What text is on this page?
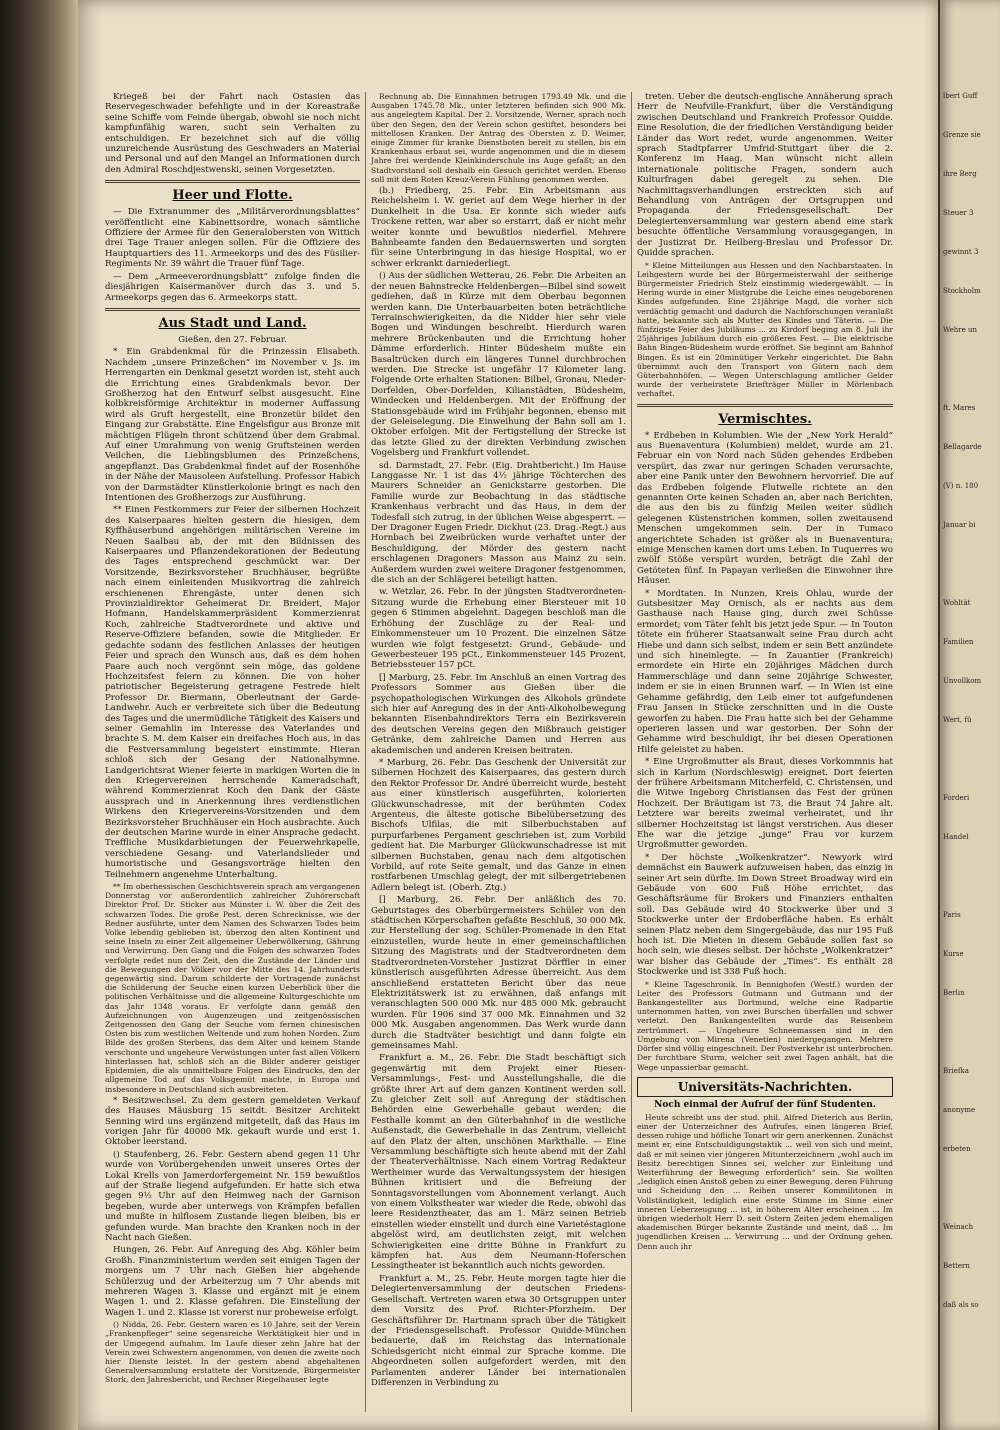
Kriegeß bei der Fahrt nach Ostasien das Reservegeschwader befehligte und in der Koreastraße seine Schiffe vom Feinde übergab, obwohl sie noch nicht kampfunfähig waren, sucht sein Verhalten zu entschuldigen. Er bezeichnet sich auf die völlig unzureichende Ausrüstung des Geschwaders an Material und Personal und auf den Mangel an Informationen durch den Admiral Roschdjestwenski, seinen Vorgesetzten.

Heer und Flotte.

— Die Extranummer des „Militärverordnungsblattes“ veröffentlicht eine Kabinettsordre, wonach sämtliche Offiziere der Armee für den Generalobersten von Wittich drei Tage Trauer anlegen sollen. Für die Offiziere des Hauptquartiers des 11. Armeekorps und des des Füsilier-Regiments Nr. 39 währt die Trauer fünf Tage.

— Dem „Armeeverordnungsblatt“ zufolge finden die diesjährigen Kaisermanöver durch das 3. und 5. Armeekorps gegen das 6. Armeekorps statt.

Aus Stadt und Land.

Gießen, den 27. Februar.

* Ein Grabdenkmal für die Prinzessin Elisabeth. Nachdem „unsere Prinzeßchen“ im November v. Js. im Herrengarten ein Denkmal gesetzt worden ist, steht auch die Errichtung eines Grabdenkmals bevor. Der Großherzog hat den Entwurf selbst ausgesucht. Eine kolbkreisförmige Architektur in moderner Auffassung wird als Gruft hergestellt, eine Bronzetür bildet den Eingang zur Grabstätte. Eine Engelsfigur aus Bronze mit mächtigen Flügeln thront schützend über dem Grabmal. Auf einer Umrahmung von wenig Gruftsteinen werden Veilchen, die Lieblingsblumen des Prinzeßchens, angepflanzt. Das Grabdenkmal findet auf der Rosenhöhe in der Nähe der Mausoleen Aufstellung. Professor Habich von der Darmstädter Künstlerkolonie bringt es nach den Intentionen des Großherzogs zur Ausführung.

** Einen Festkommers zur Feier der silbernen Hochzeit des Kaiserpaares hielten gestern die hiesigen, dem Kyffhäuserbund angehörigen militärischen Vereine im Neuen Saalbau ab, der mit den Bildnissen des Kaiserpaares und Pflanzendekorationen der Bedeutung des Tages entsprechend geschmückt war. Der Vorsitzende, Bezirksvorsteher Bruchhäuser, begrüßte nach einem einleitenden Musikvortrag die zahlreich erschienenen Ehrengäste, unter denen sich Provinzialdirektor Geheimerat Dr. Breidert, Major Hofmann, Handelskammerpräsident Kommerzienrat Koch, zahlreiche Stadtverordnete und aktive und Reserve-Offiziere befanden, sowie die Mitglieder. Er gedachte sodann des festlichen Anlasses der heutigen Feier und sprach den Wunsch aus, daß es dem hohen Paare auch noch vergönnt sein möge, das goldene Hochzeitsfest feiern zu können. Die von hoher patriotischer Begeisterung getragene Festrede hielt Professor Dr. Biermann, Oberleutnant der Garde-Landwehr. Auch er verbreitete sich über die Bedeutung des Tages und die unermüdliche Tätigkeit des Kaisers und seiner Gemahlin im Interesse des Vaterlandes und brachte S. M. dem Kaiser ein dreifaches Hoch aus, in das die Festversammlung begeistert einstimmte. Hieran schloß sich der Gesang der Nationalhymne. Landgerichtsrat Wiener feierte in markigen Worten die in den Kriegervereinen herrschende Kameradschaft, während Kommerzienrat Koch den Dank der Gäste aussprach und in Anerkennung ihres verdienstlichen Wirkens den Kriegervereins-Vorsitzenden und dem Bezirksvorsteher Bruchhäuser ein Hoch ausbrachte. Auch der deutschen Marine wurde in einer Ansprache gedacht. Treffliche Musikdarbietungen der Feuerwehrkapelle, verschiedene Gesang- und Vaterlandslieder und humoristische und Gesangsvorträge hielten den Teilnehmern angenehme Unterhaltung.

** Im oberhessischen Geschichtsverein sprach am vergangenen Donnerstag vor außerordentlich zahlreicher Zuhörerschaft Direktor Prof. Dr. Sticker aus Münster i. W. über die Zeit des schwarzen Todes. Die große Pest, deren Schrecknisse, wie der Redner ausführte, unter dem Namen des Schwarzen Todes beim Volke lebendig geblieben ist, überzog den alten Kontinent und seine Inseln zu einer Zeit allgemeiner Ueberwölkerung, Gährung und Verwirrung. Den Gang und die Folgen des schwarzen Todes verfolgte redet nun der Zeit, den die Zustände der Länder und die Bewegungen der Völker vor der Mitte des 14. Jahrhunderts gegenwärtig sind. Darum schilderte der Vortragende zunächst die Schilderung der Seuche einen kurzen Ueberblick über die politischen Verhältnisse und die allgemeine Kulturgeschichte um das Jahr 1348 voraus. Er verfolgte dann gemäß den Aufzeichnungen von Augenzeugen und zeitgenössischen Zeitgenossen den Gang der Seuche vom fernen chinesischen Osten bis zum westlichen Weltende und zum hohen Norden. Zum Bilde des großen Sterbens, das dem Alter und keinem Stande verschonte und ungeheure Verwüstungen unter fast allen Völkern hinterlassen hat, schloß sich an die Bilder anderer geistiger Epidemien, die als unmittelbare Folgen des Eindrucks, den der allgemeine Tod auf das Volksgemüt machte, in Europa und insbesondere in Deutschland sich ausbreiteten.

* Besitzwechsel. Zu dem gestern gemeldeten Verkauf des Hauses Mäusburg 15 seitdt. Besitzer Architekt Senning wird uns ergänzend mitgeteilt, daß das Haus im vorigen Jahr für 40000 Mk. gekauft wurde und erst 1. Oktober leerstand.

() Staufenberg, 26. Febr. Gestern abend gegen 11 Uhr wurde von Vorübergehenden unweit unseres Ortes der Lokal Krells von Jamerdorfergemeint Nr. 159 bewußtlos auf der Straße liegend aufgefunden. Er hatte sich etwa gegen 9½ Uhr auf den Heimweg nach der Garnison begeben, wurde aber unterwegs von Krämpfen befallen und mußte in hilflosem Zustande liegen bleiben, bis er gefunden wurde. Man brachte den Kranken noch in der Nacht nach Gießen.

Hungen, 26. Febr. Auf Anregung des Abg. Köhler beim Großh. Finanzministerium werden seit einigen Tagen der morgens um 7 Uhr nach Gießen hier abgehende Schülerzug und der Arbeiterzug um 7 Uhr abends mit mehreren Wagen 3. Klasse und ergänzt mit je einem Wagen 1. und 2. Klasse gefahren. Die Einstellung der Wagen 1. und 2. Klasse ist vorerst nur probeweise erfolgt.

() Nidda, 26. Febr. Gestern waren es 10 Jahre, seit der Verein „Frankenpfleger“ seine segensreiche Werktätigkeit hier und in der Umgegend aufnahm. Im Laufe dieser zehn Jahre hat der Verein zwei Schwestern angenommen, von denen die zweite noch hier Dienste leistet. In der gestern abend abgehaltenen Generalversammlung erstattete der Vorsitzende, Bürgermeister Stork, den Jahresbericht, und Rechner Riegelhauser legte

Rechnung ab. Die Einnahmen betrugen 1793.49 Mk. und die Ausgaben 1745.78 Mk., unter letzteren befinden sich 900 Mk. aus angelegtem Kapital. Der 2. Vorsitzende, Werner, sprach noch über den Segen, den der Verein schon gestiftet, besonders bei mittellosen Kranken. Der Antrag des Obersten z. D. Weimer, einige Zimmer für kranke Dienstboten bereit zu stellen, bis ein Krankenhaus erbaut sei, wurde angenommen und die in diesem Jahre frei werdende Kleinkinderschule ins Auge gefaßt; an den Stadtvorstand soll deshalb ein Gesuch gerichtet werden. Ebenso soll mit dem Roten Kreuz-Verein Fühlung genommen werden.

(b.) Friedberg, 25. Febr. Ein Arbeitsmann aus Reichelsheim i. W. geriet auf dem Wege hierher in der Dunkelheit in die Usa. Er konnte sich wieder aufs Trockene retten, war aber so erstarrt, daß er nicht mehr weiter konnte und bewußtlos niederfiel. Mehrere Bahnbeamte fanden den Bedauernswerten und sorgten für seine Unterbringung in das hiesige Hospital, wo er schwer erkrankt darniederliegt.

() Aus der südlichen Wetterau, 26. Febr. Die Arbeiten an der neuen Bahnstrecke Heldenbergen—Bilbel sind soweit gediehen, daß in Kürze mit dem Oberbau begonnen werden kann. Die Unterbauarbeiten boten beträchtliche Terrainschwierigkeiten, da die Nidder hier sehr viele Bogen und Windungen beschreibt. Hierdurch waren mehrere Brückenbauten und die Errichtung hoher Dämme erforderlich. Hinter Büdesheim mußte ein Basaltrücken durch ein längeres Tunnel durchbrochen werden. Die Strecke ist ungefähr 17 Kilometer lang. Folgende Orte erhalten Stationen: Bilbel, Gronau, Nieder-Dorfelden, Ober-Dorfelden, Kilianstädten, Büdesheim, Windecken und Heldenbergen. Mit der Eröffnung der Stationsgebäude wird im Frühjahr begonnen, ebenso mit der Geleiselegung. Die Einweihung der Bahn soll am 1. Oktober erfolgen. Mit der Fertigstellung der Strecke ist das letzte Glied zu der direkten Verbindung zwischen Vogelsberg und Frankfurt vollendet.

sd. Darmstadt, 27. Febr. (Eig. Drahtbericht.) Im Hause Langgasse Nr. 1 ist das 4½ jährige Töchterchen des Maurers Schneider an Genickstarre gestorben. Die Familie wurde zur Beobachtung in das städtische Krankenhaus verbracht und das Haus, in dem der Todesfall sich zutrug, in der üblichen Weise abgesperrt. — Der Dragoner Eugen Friedr. Dickhut (23. Drag.-Regt.) aus Hornbach bei Zweibrücken wurde verhaftet unter der Beschuldigung, der Mörder des gestern nacht erschlagenen Dragoners Masson aus Mainz zu sein. Außerdem wurden zwei weitere Dragoner festgenommen, die sich an der Schlägerei beteiligt hatten.

w. Wetzlar, 26. Febr. In der jüngsten Stadtverordneten-Sitzung wurde die Erhebung einer Biersteuer mit 10 gegen 6 Stimmen abgelehnt. Dagegen beschloß man die Erhöhung der Zuschläge zu der Real- und Einkommensteuer um 10 Prozent. Die einzelnen Sätze wurden wie folgt festgesetzt: Grund-, Gebäude- und Gewerbesteuer 195 pCt., Einkommensteuer 145 Prozent, Betriebssteuer 157 pCt.

[] Marburg, 25. Febr. Im Anschluß an einen Vortrag des Professors Sommer aus Gießen über die psychopathologischen Wirkungen des Alkohols gründete sich hier auf Anregung des in der Anti-Alkoholbewegung bekannten Eisenbahndirektors Terra ein Bezirksverein des deutschen Vereins gegen den Mißbrauch geistiger Getränke, dem zahlreiche Damen und Herren aus akademischen und anderen Kreisen beitraten.

* Marburg, 26. Febr. Das Geschenk der Universität zur Silbernen Hochzeit des Kaiserpaares, das gestern durch den Rektor Professor Dr. André überreicht wurde, besteht aus einer künstlerisch ausgeführten, kolorierten Glückwunschadresse, mit der berühmten Codex Argenteus, die älteste gotische Bibelübersetzung des Bischofs Ulfilas, die mit Silberbuchstaben auf purpurfarbenes Pergament geschrieben ist, zum Vorbild gedient hat. Die Marburger Glückwunschadresse ist mit silbernen Buchstaben, genau nach dem altgotischen Vorbild, auf rote Seite gemalt, und das Ganze in einen rostfarbenen Umschlag gelegt, der mit silbergetriebenen Adlern belegt ist. (Oberh. Ztg.)

[] Marburg, 26. Febr. Der anläßlich des 70. Geburtstages des Oberbürgermeisters Schüler von den städtischen Körperschaften gefaßte Beschluß, 30 000 Mk. zur Herstellung der sog. Schüler-Promenade in den Etat einzustellen, wurde heute in einer gemeinschaftlichen Sitzung des Magistrats und der Stadtverordneten dem Stadtverordneten-Vorsteher Justizrat Dörffler in einer künstlerisch ausgeführten Adresse überreicht. Aus dem anschließend erstatteten Bericht über das neue Elektrizitätswerk ist zu erwähnen, daß anfangs mit veranschlagten 500 000 Mk. nur 485 000 Mk. gebraucht wurden. Für 1906 sind 37 000 Mk. Einnahmen und 32 000 Mk. Ausgaben angenommen. Das Werk wurde dann durch die Stadtväter besichtigt und dann folgte ein gemeinsames Mahl.

Frankfurt a. M., 26. Febr. Die Stadt beschäftigt sich gegenwärtig mit dem Projekt einer Riesen-Versammlungs-, Fest- und Ausstellungshalle, die die größte ihrer Art auf dem ganzen Kontinent werden soll. Zu gleicher Zeit soll auf Anregung der städtischen Behörden eine Gewerbehalle gebaut werden; die Festhalle kommt an den Güterbahnhof in die westliche Außenstadt, die Gewerbehalle in das Zentrum, vielleicht auf den Platz der alten, unschönen Markthalle. — Eine Versammlung beschäftigte sich heute abend mit der Zahl der Theaterverhältnisse. Nach einem Vortrag Redakteur Wertheimer wurde das Verwaltungssystem der hiesigen Bühnen kritisiert und die Befreiung der Sonntagsvorstellungen vom Abonnement verlangt. Auch von einem Volkstheater war wieder die Rede, obwohl das leere Residenztheater, das am 1. März seinen Betrieb einstellen wieder einstellt und durch eine Varietéstagione abgelöst wird, am deutlichsten zeigt, mit welchen Schwierigkeiten eine dritte Bühne in Frankfurt zu kämpfen hat. Aus dem Neumann-Hoferschen Lessingtheater ist bekanntlich auch nichts geworden.

Frankfurt a. M., 25. Febr. Heute morgen tagte hier die Delegiertenversammlung der deutschen Friedens-Gesellschaft. Vertreten waren etwa 30 Ortsgruppen unter dem Vorsitz des Prof. Richter-Pforzheim. Der Geschäftsführer Dr. Hartmann sprach über die Tätigkeit der Friedensgesellschaft. Professor Quidde-München bedauerte, daß im Reichstag das internationale Schiedsgericht nicht einmal zur Sprache komme. Die Abgeordneten sollen aufgefordert werden, mit den Parlamenten anderer Länder bei internationalen Differenzen in Verbindung zu

treten. Ueber die deutsch-englische Annäherung sprach Herr de Neufville-Frankfurt, über die Verständigung zwischen Deutschland und Frankreich Professor Quidde. Eine Resolution, die der friedlichen Verständigung beider Länder das Wort redet, wurde angenommen. Weiter sprach Stadtpfarrer Umfrid-Stuttgart über die 2. Konferenz im Haag. Man wünscht nicht allein internationale politische Fragen, sondern auch Kulturfragen dabei geregelt zu sehen. Die Nachmittagsverhandlungen erstreckten sich auf Behandlung von Anträgen der Ortsgruppen und Propaganda der Friedensgesellschaft. Der Delegiertenversammlung war gestern abend eine stark besuchte öffentliche Versammlung vorausgegangen, in der Justizrat Dr. Heilberg-Breslau und Professor Dr. Quidde sprachen.

* Kleine Mitteilungen aus Hessen und den Nachbarstaaten. In Leihgestern wurde bei der Bürgermeisterwahl der seitherige Bürgermeister Friedrich Stelz einstimmig wiedergewählt. — In Hering wurde in einer Mistgrube die Leiche eines neugeborenen Kindes aufgefunden. Eine 21jährige Magd, die vorher sich verdächtig gemacht und dadurch die Nachforschungen veranlaßt hatte, bekannte sich als Mutter des Kindes und Täterin. — Die fünfzigste Feier des Jubiläums ... zu Kirdorf beging am 8. Juli ihr 25jähriges Jubiläum durch ein größeres Fest. — Die elektrische Bahn Bingen-Büdesheim wurde eröffnet. Sie beginnt am Bahnhof Bingen. Es ist ein 20minütiger Verkehr eingerichtet. Die Bahn übernimmt auch den Transport von Gütern nach dem Güterbahnhöfen. — Wegen Unterschlagung amtlicher Gelder wurde der verheiratete Briefträger Müller in Mörlenbach verhaftet.

Vermischtes.

* Erdbeben in Kolumbien. Wie der „New York Herald“ aus Buenaventura (Kolumbien) meldet, wurde am 21. Februar ein von Nord nach Süden gehendes Erdbeben verspürt, das zwar nur geringen Schaden verursachte, aber eine Panik unter den Bewohnern hervorrief. Die auf das Erdbeben folgende Flutwelle richtete an den genannten Orte keinen Schaden an, aber nach Berichten, die aus den bis zu fünfzig Meilen weiter südlich gelegenen Küstenstrichen kommen, sollen zweitausend Menschen umgekommen sein. Der in Tumaco angerichtete Schaden ist größer als in Buenaventura; einige Menschen kamen dort ums Leben. In Tuquerres wo zwölf Stöße verspürt wurden, beträgt die Zahl der Getöteten fünf. In Papayan verließen die Einwohner ihre Häuser.

* Mordtaten. In Nunzen, Kreis Ohlau, wurde der Gutsbesitzer May Ornisch, als er nachts aus dem Gasthause nach Hause ging, durch zwei Schüsse ermordet; vom Täter fehlt bis jetzt jede Spur. — In Touton tötete ein früherer Staatsanwalt seine Frau durch acht Hiebe und dann sich selbst, indem er sein Bett anzündete und sich hineinlegte. — In Zauantier (Frankreich) ermordete ein Hirte ein 20jähriges Mädchen durch Hammerschläge und dann seine 20jährige Schwester, indem er sie in einen Brunnen warf. — In Wien ist eine Gehamme gefährdig, den Leib einer tot aufgefundenen Frau Jansen in Stücke zerschnitten und in die Ouste geworfen zu haben. Die Frau hatte sich bei der Gehamme operieren lassen und war gestorben. Der Sohn der Gehamme wird beschuldigt, ihr bei diesen Operationen Hilfe geleistet zu haben.

* Eine Urgroßmutter als Braut, dieses Vorkommnis hat sich in Karlum (Nordschleswig) ereignet. Dort feierten der frühere Arbeitsmann Mitcherfeld, C. Christensen, und die Witwe Ingeborg Christiansen das Fest der grünen Hochzeit. Der Bräutigam ist 73, die Braut 74 Jahre alt. Letztere war bereits zweimal verheiratet, und ihr silberner Hochzeitstag ist längst verstrichen. Aus dieser Ehe war die jetzige „junge“ Frau vor kurzem Urgroßmutter geworden.

* Der höchste „Wolkenkratzer“. Newyork wird demnächst ein Bauwerk aufzuweisen haben, das einzig in seiner Art sein dürfte. Im Down Street Broadway wird ein Gebäude von 600 Fuß Höhe errichtet, das Geschäftsräume für Brokers und Finanziers enthalten soll. Das Gebäude wird 40 Stockwerke über und 3 Stockwerke unter der Erdoberfläche haben. Es erhält seinen Platz neben dem Singergebäude, das nur 195 Fuß hoch ist. Die Mieten in diesem Gebäude sollen fast so hoch sein, wie dieses selbst. Der höchste „Wolkenkratzer“ war bisher das Gebäude der „Times“. Es enthält 28 Stockwerke und ist 338 Fuß hoch.

* Kleine Tageschronik. In Bennighofen (Westf.) wurden der Leiter des Professors Gutmann und Gutmann und der Bankangestellter aus Dortmund, welche eine Radpartie unternommen hatten, von zwei Burschen überfallen und schwer verletzt. Den Bankangestellten wurde das Reisenbein zertrümmert. — Ungeheure Schneemassen sind in den Umgebung von Mirena (Venetien) niedergegangen. Mehrere Dörfer sind völlig eingeschneit. Der Postverkehr ist unterbrochen. Der furchtbare Sturm, welcher seit zwei Tagen anhält, hat die Wege unpassierbar gemacht.

Universitäts-Nachrichten.
Noch einmal der Aufruf der fünf Studenten.

Heute schreibt uns der stud. phil. Alfred Dieterich aus Berlin, einer der Unterzeichner des Aufrufes, einen längeren Brief, dessen ruhige und höfliche Tonart wir gern anerkennen. Zunächst meint er, eine Entschuldigungstaktik ... weil von sich und meint, daß er mit seinen vier jüngeren Mitunterzeichnern „wohl auch im Besitz berechtigen Sinnes sei, welcher zur Einleitung und Weiterführung der Bewegung erforderlich“ sein. Sie wollten „lediglich einen Anstoß geben zu einer Bewegung, deren Führung und Scheidung den ... Reihen unserer Kommilitonen in Vollständigkeit, lediglich eine erste Stimme im Sinne einer inneren Ueberzeugung ... ist, in höherem Alter erscheinen ... Im übrigen wiederholt Herr D. seit Ostern Zeiten jedem ehemaligen akademischen Bürger bekannte Zustände und meint, daß ... Im jugendlichen Kreisen ... Verwirrung ... und der Ordnung gehen. Denn auch ihr

lbert Guff
Grenze sie
ihre Berg
Steuer 3
gewinnt 3
Stockholm
Wehre un

ft. Mares
Bellagarde
(V) n. 180
Januar bi

Wohltät
Familien
Unvollkom
Wert, fü

Forderi
Handel

Paris
Kurse
Berlin

Briefka
anonyme
erbeten

Weinach
Bettern
daß als so
